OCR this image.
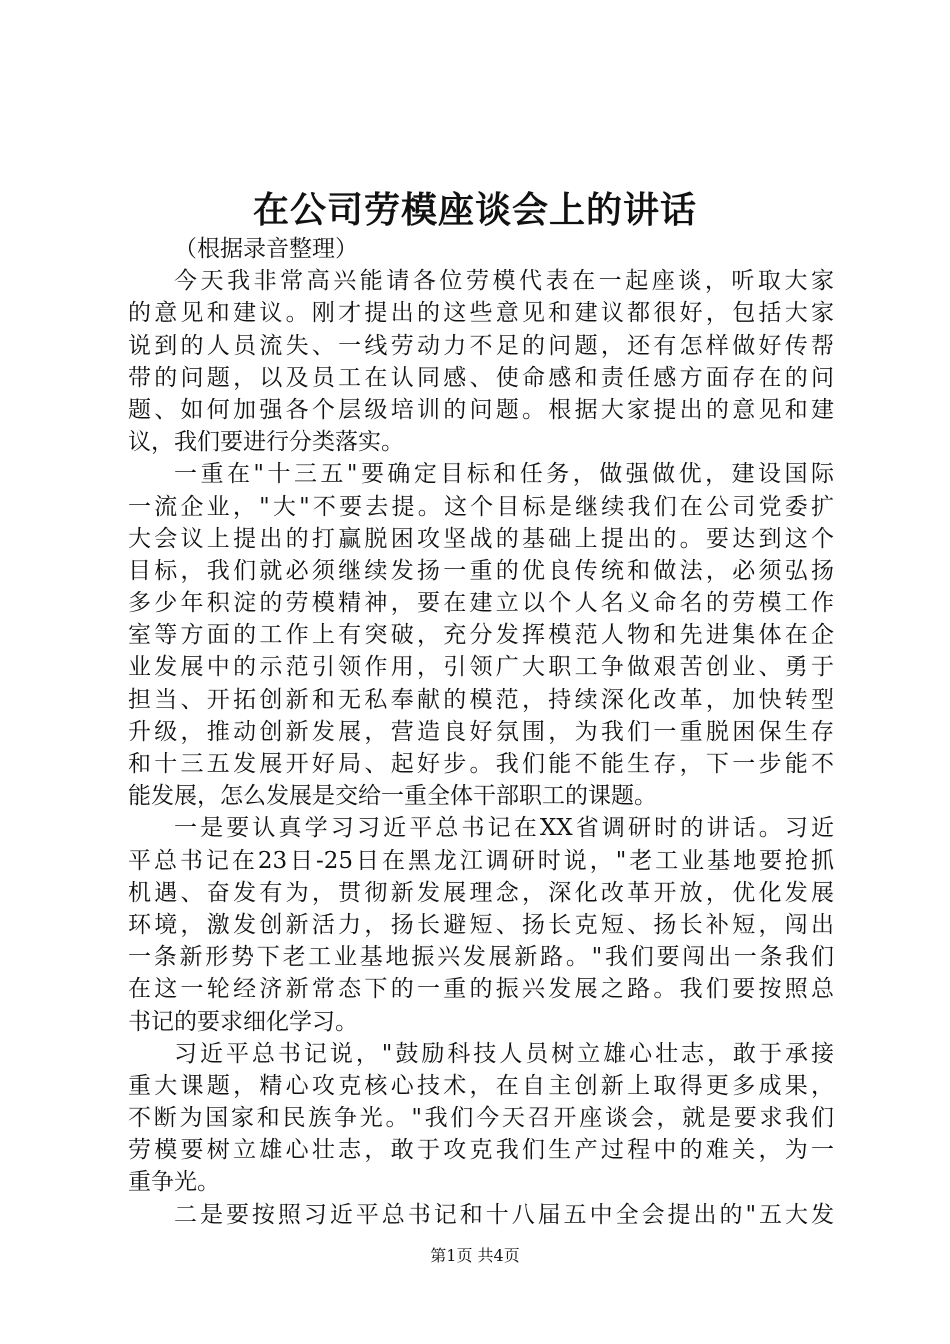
在公司劳模座谈会上的讲话
（根据录音整理）
今天我非常高兴能请各位劳模代表在一起座谈，听取大家
的意见和建议。刚才提出的这些意见和建议都很好，包括大家
说到的人员流失、一线劳动力不足的问题，还有怎样做好传帮
带的问题，以及员工在认同感、使命感和责任感方面存在的问
题、如何加强各个层级培训的问题。根据大家提出的意见和建
议，我们要进行分类落实。
一重在"十三五"要确定目标和任务，做强做优，建设国际
一流企业，"大"不要去提。这个目标是继续我们在公司党委扩
大会议上提出的打赢脱困攻坚战的基础上提出的。要达到这个
目标，我们就必须继续发扬一重的优良传统和做法，必须弘扬
多少年积淀的劳模精神，要在建立以个人名义命名的劳模工作
室等方面的工作上有突破，充分发挥模范人物和先进集体在企
业发展中的示范引领作用，引领广大职工争做艰苦创业、勇于
担当、开拓创新和无私奉献的模范，持续深化改革，加快转型
升级，推动创新发展，营造良好氛围，为我们一重脱困保生存
和十三五发展开好局、起好步。我们能不能生存，下一步能不
能发展，怎么发展是交给一重全体干部职工的课题。
一是要认真学习习近平总书记在XX省调研时的讲话。习近
平总书记在23日-25日在黑龙江调研时说，"老工业基地要抢抓
机遇、奋发有为，贯彻新发展理念，深化改革开放，优化发展
环境，激发创新活力，扬长避短、扬长克短、扬长补短，闯出
一条新形势下老工业基地振兴发展新路。"我们要闯出一条我们
在这一轮经济新常态下的一重的振兴发展之路。我们要按照总
书记的要求细化学习。
习近平总书记说，"鼓励科技人员树立雄心壮志，敢于承接
重大课题，精心攻克核心技术，在自主创新上取得更多成果，
不断为国家和民族争光。"我们今天召开座谈会，就是要求我们
劳模要树立雄心壮志，敢于攻克我们生产过程中的难关，为一
重争光。
二是要按照习近平总书记和十八届五中全会提出的"五大发
第1页 共4页
